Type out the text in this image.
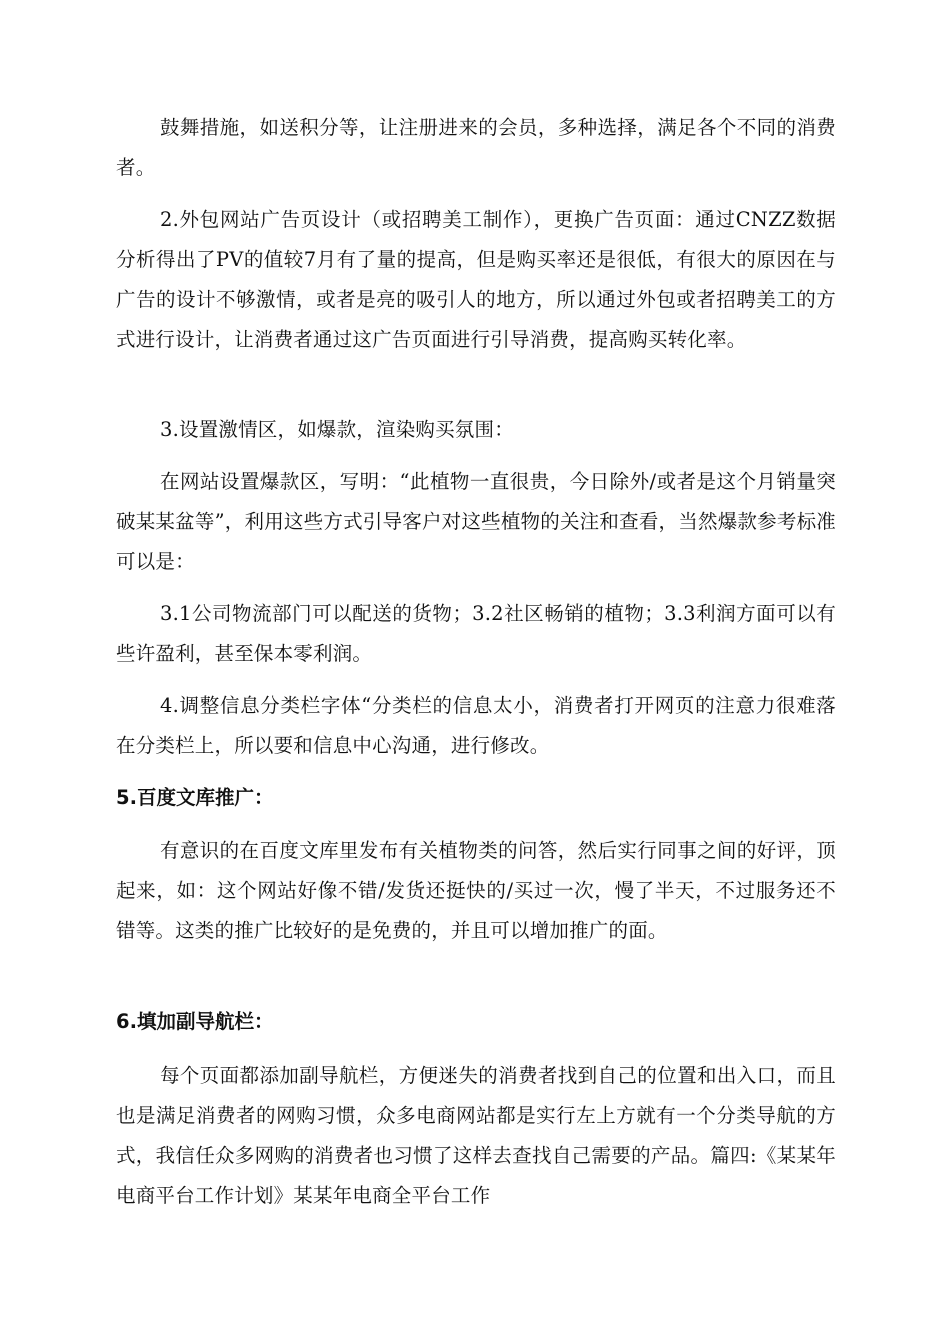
鼓舞措施，如送积分等，让注册进来的会员，多种选择，满足各个不同的消费者。

2.外包网站广告页设计（或招聘美工制作），更换广告页面：通过CNZZ数据分析得出了PV的值较7月有了量的提高，但是购买率还是很低，有很大的原因在与广告的设计不够激情，或者是亮的吸引人的地方，所以通过外包或者招聘美工的方式进行设计，让消费者通过这广告页面进行引导消费，提高购买转化率。

3.设置激情区，如爆款，渲染购买氛围：

在网站设置爆款区，写明：“此植物一直很贵，今日除外/或者是这个月销量突破某某盆等”，利用这些方式引导客户对这些植物的关注和查看，当然爆款参考标准可以是：

3.1公司物流部门可以配送的货物；3.2社区畅销的植物；3.3利润方面可以有些许盈利，甚至保本零利润。

4.调整信息分类栏字体“分类栏的信息太小，消费者打开网页的注意力很难落在分类栏上，所以要和信息中心沟通，进行修改。

5.百度文库推广：

有意识的在百度文库里发布有关植物类的问答，然后实行同事之间的好评，顶起来，如：这个网站好像不错/发货还挺快的/买过一次，慢了半天，不过服务还不错等。这类的推广比较好的是免费的，并且可以增加推广的面。

6.填加副导航栏：

每个页面都添加副导航栏，方便迷失的消费者找到自己的位置和出入口，而且也是满足消费者的网购习惯，众多电商网站都是实行左上方就有一个分类导航的方式，我信任众多网购的消费者也习惯了这样去查找自己需要的产品。篇四:《某某年电商平台工作计划》某某年电商全平台工作
